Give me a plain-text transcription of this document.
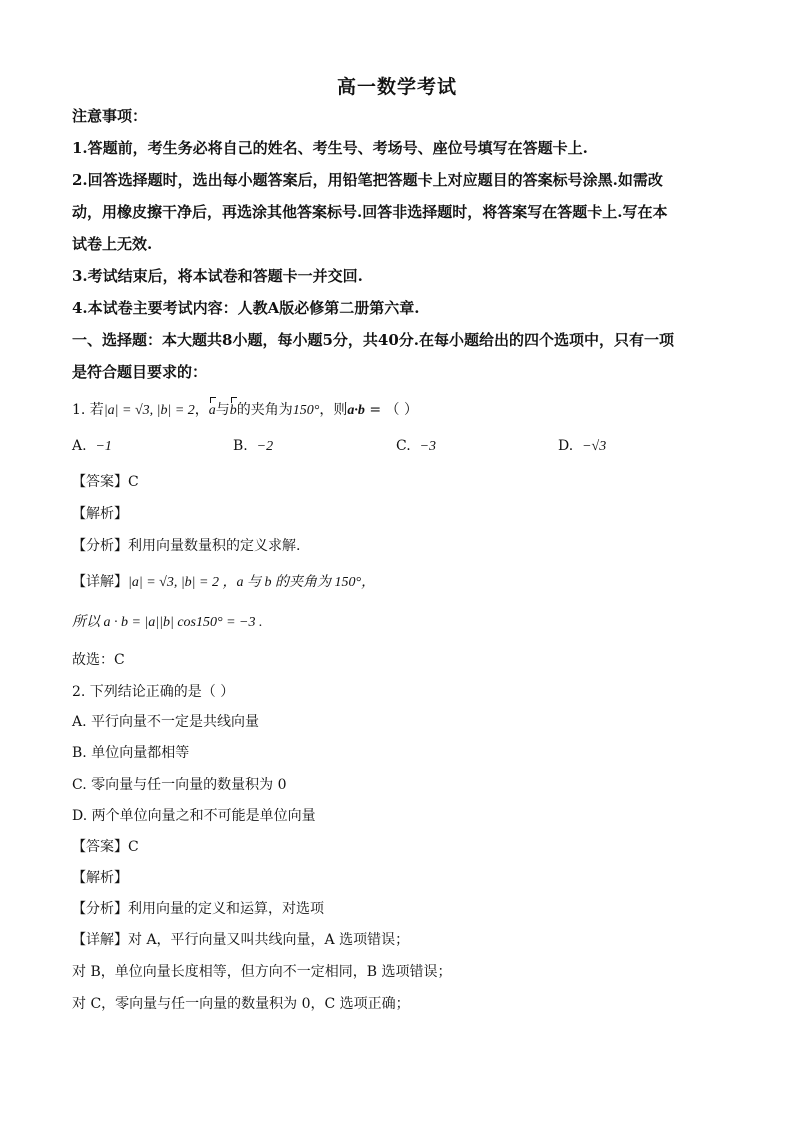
高一数学考试
注意事项：
1.答题前，考生务必将自己的姓名、考生号、考场号、座位号填写在答题卡上.
2.回答选择题时，选出每小题答案后，用铅笔把答题卡上对应题目的答案标号涂黑.如需改
动，用橡皮擦干净后，再选涂其他答案标号.回答非选择题时，将答案写在答题卡上.写在本
试卷上无效.
3.考试结束后，将本试卷和答题卡一并交回.
4.本试卷主要考试内容：人教A版必修第二册第六章.
一、选择题：本大题共8小题，每小题5分，共40分.在每小题给出的四个选项中，只有一项
是符合题目要求的：
1. 若|a| = √3, |b| = 2，a与b的夹角为150°，则a·b = （ ）
A. −1	B. −2	C. −3	D. −√3
【答案】C
【解析】
【分析】利用向量数量积的定义求解.
【详解】|a| = √3, |b| = 2 ，a 与 b 的夹角为 150°，
所以 a · b = |a||b| cos150° = −3 .
故选：C
2. 下列结论正确的是（ ）
A. 平行向量不一定是共线向量
B. 单位向量都相等
C. 零向量与任一向量的数量积为 0
D. 两个单位向量之和不可能是单位向量
【答案】C
【解析】
【分析】利用向量的定义和运算，对选项
【详解】对 A，平行向量又叫共线向量，A 选项错误；
对 B，单位向量长度相等，但方向不一定相同，B 选项错误；
对 C，零向量与任一向量的数量积为 0，C 选项正确；
